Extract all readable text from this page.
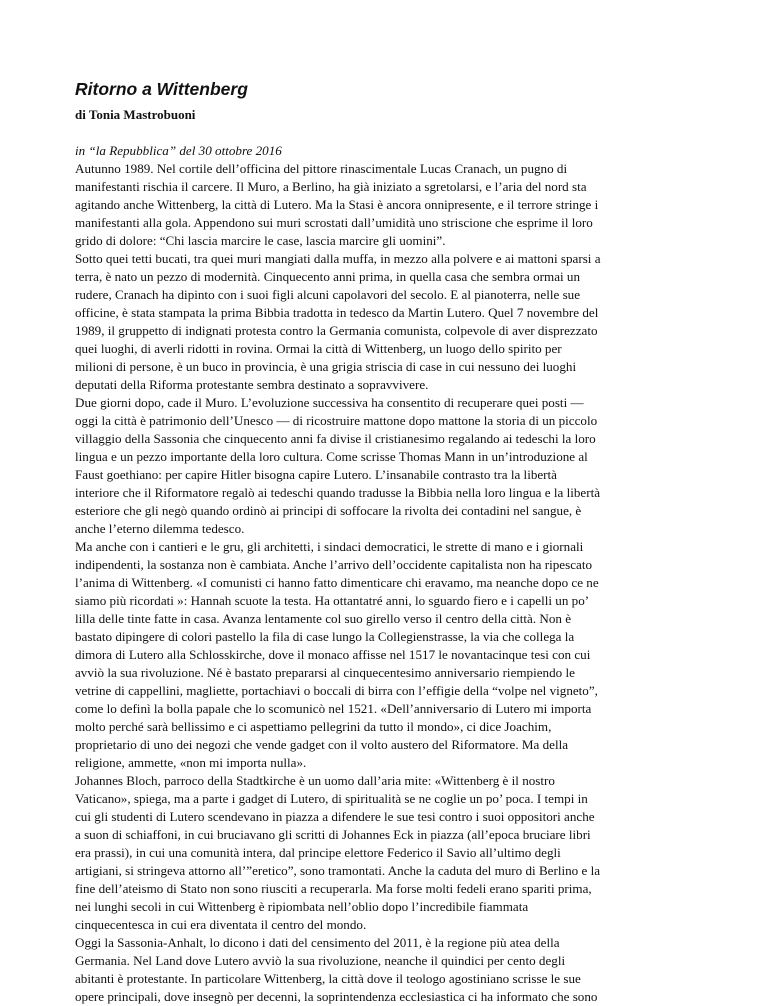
Ritorno a Wittenberg
di Tonia Mastrobuoni
in “la Repubblica” del 30 ottobre 2016
Autunno 1989. Nel cortile dell’officina del pittore rinascimentale Lucas Cranach, un pugno di
manifestanti rischia il carcere. Il Muro, a Berlino, ha già iniziato a sgretolarsi, e l’aria del nord sta
agitando anche Wittenberg, la città di Lutero. Ma la Stasi è ancora onnipresente, e il terrore stringe i
manifestanti alla gola. Appendono sui muri scrostati dall’umidità uno striscione che esprime il loro
grido di dolore: “Chi lascia marcire le case, lascia marcire gli uomini”.
Sotto quei tetti bucati, tra quei muri mangiati dalla muffa, in mezzo alla polvere e ai mattoni sparsi a
terra, è nato un pezzo di modernità. Cinquecento anni prima, in quella casa che sembra ormai un
rudere, Cranach ha dipinto con i suoi figli alcuni capolavori del secolo. E al pianoterra, nelle sue
officine, è stata stampata la prima Bibbia tradotta in tedesco da Martin Lutero. Quel 7 novembre del
1989, il gruppetto di indignati protesta contro la Germania comunista, colpevole di aver disprezzato
quei luoghi, di averli ridotti in rovina. Ormai la città di Wittenberg, un luogo dello spirito per
milioni di persone, è un buco in provincia, è una grigia striscia di case in cui nessuno dei luoghi
deputati della Riforma protestante sembra destinato a sopravvivere.
Due giorni dopo, cade il Muro. L’evoluzione successiva ha consentito di recuperare quei posti —
oggi la città è patrimonio dell’Unesco — di ricostruire mattone dopo mattone la storia di un piccolo
villaggio della Sassonia che cinquecento anni fa divise il cristianesimo regalando ai tedeschi la loro
lingua e un pezzo importante della loro cultura. Come scrisse Thomas Mann in un’introduzione al
Faust goethiano: per capire Hitler bisogna capire Lutero. L’insanabile contrasto tra la libertà
interiore che il Riformatore regalò ai tedeschi quando tradusse la Bibbia nella loro lingua e la libertà
esteriore che gli negò quando ordinò ai principi di soffocare la rivolta dei contadini nel sangue, è
anche l’eterno dilemma tedesco.
Ma anche con i cantieri e le gru, gli architetti, i sindaci democratici, le strette di mano e i giornali
indipendenti, la sostanza non è cambiata. Anche l’arrivo dell’occidente capitalista non ha ripescato
l’anima di Wittenberg. «I comunisti ci hanno fatto dimenticare chi eravamo, ma neanche dopo ce ne
siamo più ricordati »: Hannah scuote la testa. Ha ottantatré anni, lo sguardo fiero e i capelli un po’
lilla delle tinte fatte in casa. Avanza lentamente col suo girello verso il centro della città. Non è
bastato dipingere di colori pastello la fila di case lungo la Collegienstrasse, la via che collega la
dimora di Lutero alla Schlosskirche, dove il monaco affisse nel 1517 le novantacinque tesi con cui
avviò la sua rivoluzione. Né è bastato prepararsi al cinquecentesimo anniversario riempiendo le
vetrine di cappellini, magliette, portachiavi o boccali di birra con l’effigie della “volpe nel vigneto”,
come lo definì la bolla papale che lo scomunicò nel 1521. «Dell’anniversario di Lutero mi importa
molto perché sarà bellissimo e ci aspettiamo pellegrini da tutto il mondo», ci dice Joachim,
proprietario di uno dei negozi che vende gadget con il volto austero del Riformatore. Ma della
religione, ammette, «non mi importa nulla».
Johannes Bloch, parroco della Stadtkirche è un uomo dall’aria mite: «Wittenberg è il nostro
Vaticano», spiega, ma a parte i gadget di Lutero, di spiritualità se ne coglie un po’ poca. I tempi in
cui gli studenti di Lutero scendevano in piazza a difendere le sue tesi contro i suoi oppositori anche
a suon di schiaffoni, in cui bruciavano gli scritti di Johannes Eck in piazza (all’epoca bruciare libri
era prassi), in cui una comunità intera, dal principe elettore Federico il Savio all’ultimo degli
artigiani, si stringeva attorno all’”eretico”, sono tramontati. Anche la caduta del muro di Berlino e la
fine dell’ateismo di Stato non sono riusciti a recuperarla. Ma forse molti fedeli erano spariti prima,
nei lunghi secoli in cui Wittenberg è ripiombata nell’oblio dopo l’incredibile fiammata
cinquecentesca in cui era diventata il centro del mondo.
Oggi la Sassonia-Anhalt, lo dicono i dati del censimento del 2011, è la regione più atea della
Germania. Nel Land dove Lutero avviò la sua rivoluzione, neanche il quindici per cento degli
abitanti è protestante. In particolare Wittenberg, la città dove il teologo agostiniano scrisse le sue
opere principali, dove insegnò per decenni, la soprintendenza ecclesiastica ci ha informato che sono
